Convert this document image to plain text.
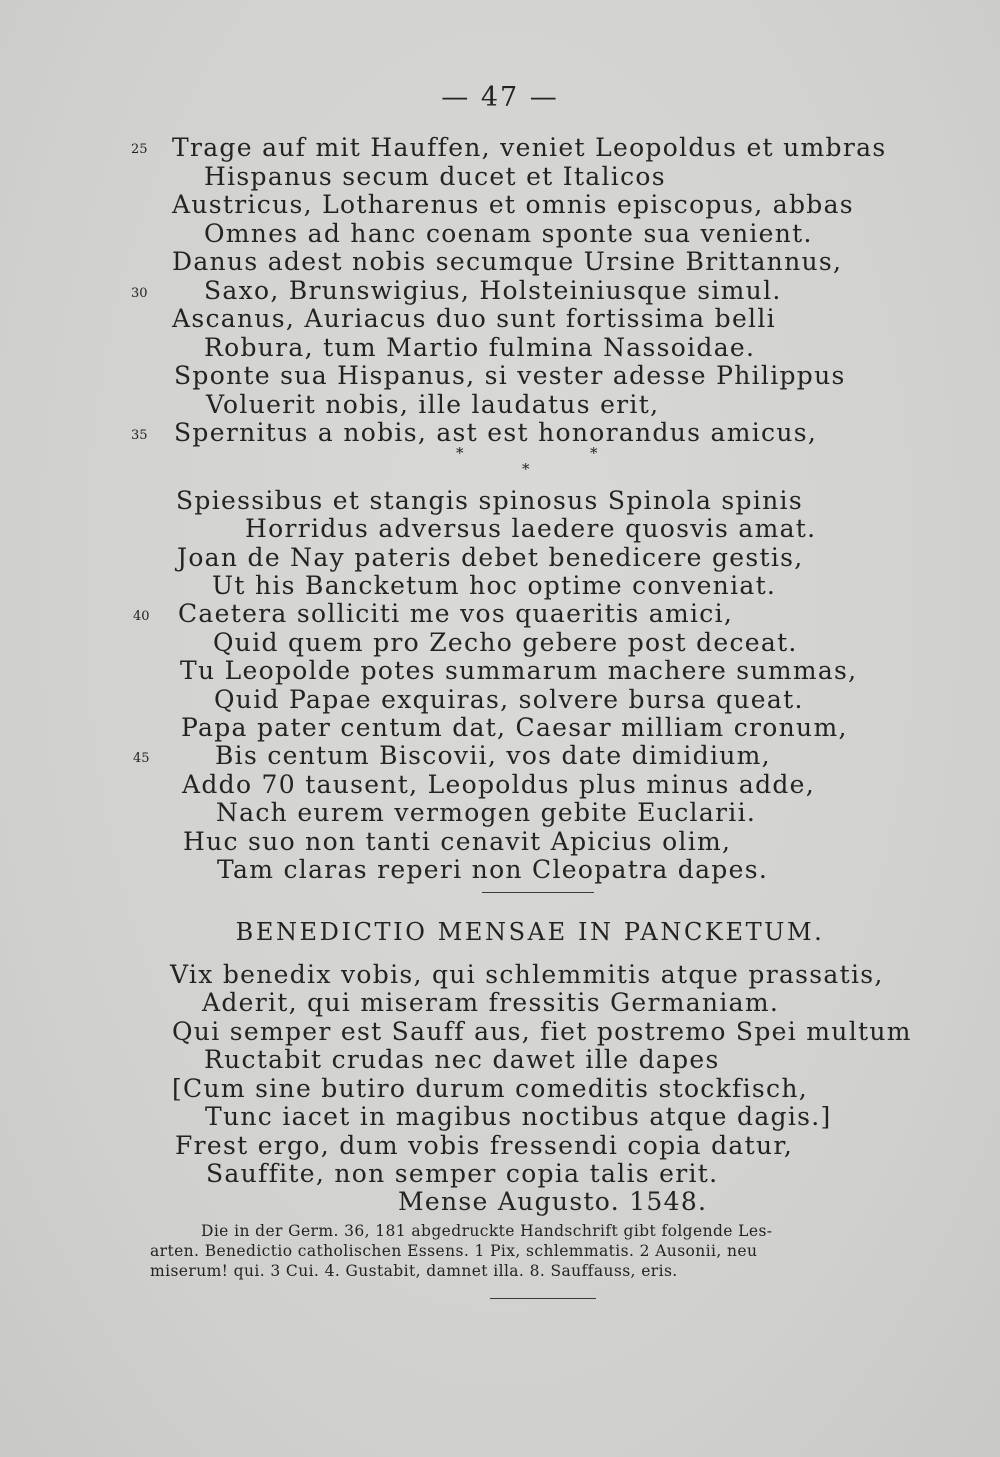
— 47 —
25 Trage auf mit Hauffen, veniet Leopoldus et umbras
Hispanus secum ducet et Italicos
Austricus, Lotharenus et omnis episcopus, abbas
Omnes ad hanc coenam sponte sua venient.
Danus adest nobis secumque Ursine Brittannus,
30 Saxo, Brunswigius, Holsteiniusque simul.
Ascanus, Auriacus duo sunt fortissima belli
Robura, tum Martio fulmina Nassoidae.
Sponte sua Hispanus, si vester adesse Philippus
Voluerit nobis, ille laudatus erit,
35 Spernitus a nobis, ast est honorandus amicus,
*
*
*
Spiessibus et stangis spinosus Spinola spinis
Horridus adversus laedere quosvis amat.
Joan de Nay pateris debet benedicere gestis,
Ut his Bancketum hoc optime conveniat.
40 Caetera solliciti me vos quaeritis amici,
Quid quem pro Zecho gebere post deceat.
Tu Leopolde potes summarum machere summas,
Quid Papae exquiras, solvere bursa queat.
Papa pater centum dat, Caesar milliam cronum,
45	Bis centum Biscovii, vos date dimidium,
Addo 70 tausent, Leopoldus plus minus adde,
Nach eurem vermogen gebite Euclarii.
Huc suo non tanti cenavit Apicius olim,
Tam claras reperi non Cleopatra dapes.
BENEDICTIO MENSAE IN PANCKETUM.
Vix benedix vobis, qui schlemmitis atque prassatis,
Aderit, qui miseram fressitis Germaniam.
Qui semper est Sauff aus, fiet postremo Spei multum
Ructabit crudas nec dawet ille dapes
[Cum sine butiro durum comeditis stockfisch,
Tunc iacet in magibus noctibus atque dagis.]
Frest ergo, dum vobis fressendi copia datur,
Sauffite, non semper copia talis erit.
Mense Augusto. 1548.
Die in der Germ. 36, 181 abgedruckte Handschrift gibt folgende Les-
arten. Benedictio catholischen Essens. 1 Pix, schlemmatis. 2 Ausonii, neu
miserum! qui. 3 Cui. 4. Gustabit, damnet illa. 8. Sauffauss, eris.
